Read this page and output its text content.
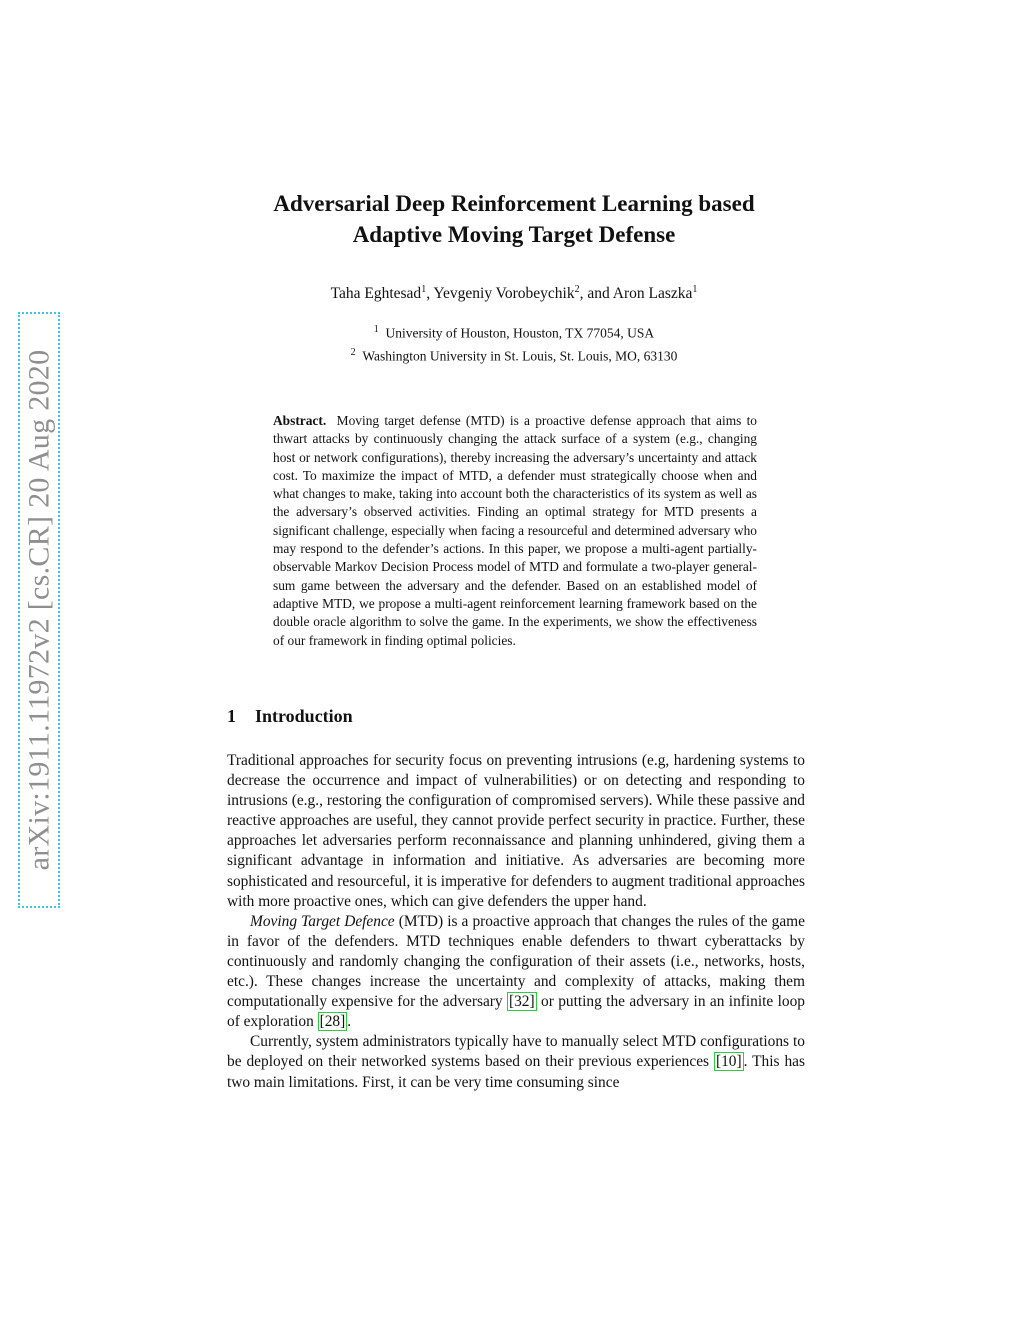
arXiv:1911.11972v2 [cs.CR] 20 Aug 2020
Adversarial Deep Reinforcement Learning based
Adaptive Moving Target Defense
Taha Eghtesad$^1$, Yevgeniy Vorobeychik$^2$, and Aron Laszka$^1$
$^1$ University of Houston, Houston, TX 77054, USA
$^2$ Washington University in St. Louis, St. Louis, MO, 63130
Abstract. Moving target defense (MTD) is a proactive defense approach that aims to thwart attacks by continuously changing the attack surface of a system (e.g., changing host or network configurations), thereby increasing the adversary’s uncertainty and attack cost. To maximize the impact of MTD, a defender must strategically choose when and what changes to make, taking into account both the characteristics of its system as well as the adversary’s observed activities. Finding an optimal strategy for MTD presents a significant challenge, especially when facing a resourceful and determined adversary who may respond to the defender’s actions. In this paper, we propose a multi-agent partially-observable Markov Decision Process model of MTD and formulate a two-player general-sum game between the adversary and the defender. Based on an established model of adaptive MTD, we propose a multi-agent reinforcement learning framework based on the double oracle algorithm to solve the game. In the experiments, we show the effectiveness of our framework in finding optimal policies.
1 Introduction

Traditional approaches for security focus on preventing intrusions (e.g, hardening systems to decrease the occurrence and impact of vulnerabilities) or on detecting and responding to intrusions (e.g., restoring the configuration of compromised servers). While these passive and reactive approaches are useful, they cannot provide perfect security in practice. Further, these approaches let adversaries perform reconnaissance and planning unhindered, giving them a significant advantage in information and initiative. As adversaries are becoming more sophisticated and resourceful, it is imperative for defenders to augment traditional approaches with more proactive ones, which can give defenders the upper hand.

Moving Target Defence (MTD) is a proactive approach that changes the rules of the game in favor of the defenders. MTD techniques enable defenders to thwart cyberattacks by continuously and randomly changing the configuration of their assets (i.e., networks, hosts, etc.). These changes increase the uncertainty and complexity of attacks, making them computationally expensive for the adversary [32] or putting the adversary in an infinite loop of exploration [28] .

Currently, system administrators typically have to manually select MTD configurations to be deployed on their networked systems based on their previous experiences [10] . This has two main limitations. First, it can be very time consuming since
